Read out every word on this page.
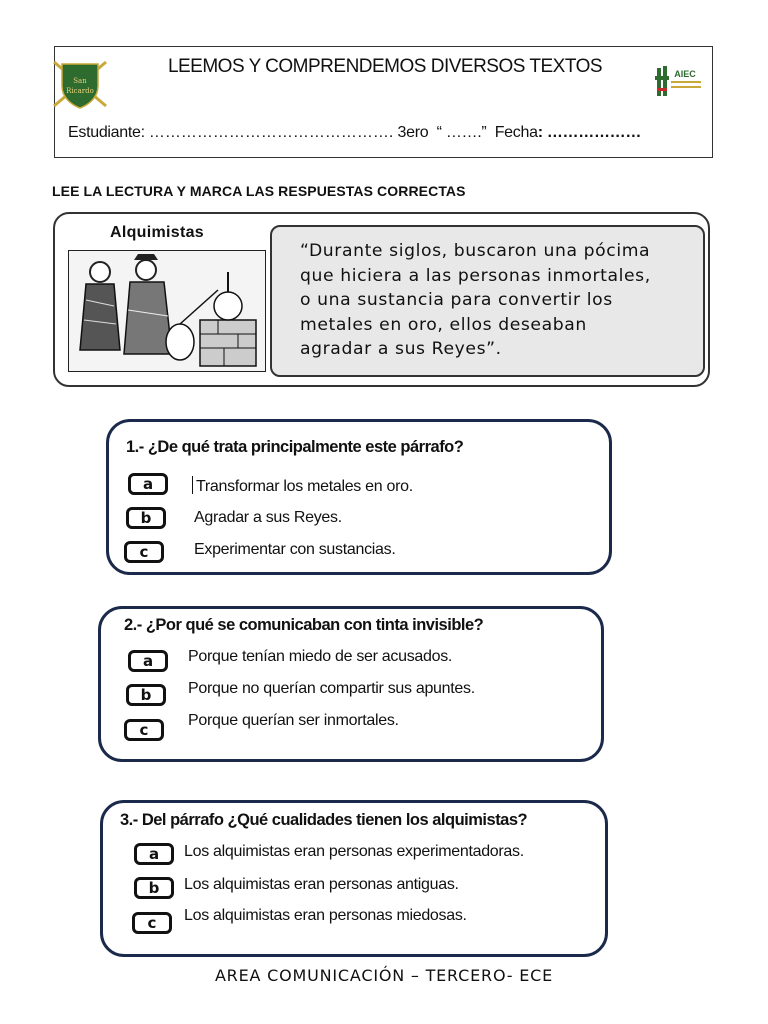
San
Ricardo
AIEC
LEEMOS Y COMPRENDEMOS DIVERSOS TEXTOS
Estudiante: ………………………………………. 3ero “ …….” Fecha: ………………
LEE LA LECTURA Y MARCA LAS RESPUESTAS CORRECTAS
Alquimistas
“Durante siglos, buscaron una pócima
que hiciera a las personas inmortales,
o una sustancia para convertir los
metales en oro, ellos deseaban
agradar a sus Reyes”.
1.- ¿De qué trata principalmente este párrafo?
a	Transformar los metales en oro.
b	Agradar a sus Reyes.
c	Experimentar con sustancias.
2.- ¿Por qué se comunicaban con tinta invisible?
a	Porque tenían miedo de ser acusados.
b	Porque no querían compartir sus apuntes.
c
Porque querían ser inmortales.
3.- Del párrafo ¿Qué cualidades tienen los alquimistas?
a	Los alquimistas eran personas experimentadoras.
b	Los alquimistas eran personas antiguas.
c	Los alquimistas eran personas miedosas.
AREA COMUNICACIÓN – TERCERO- ECE
